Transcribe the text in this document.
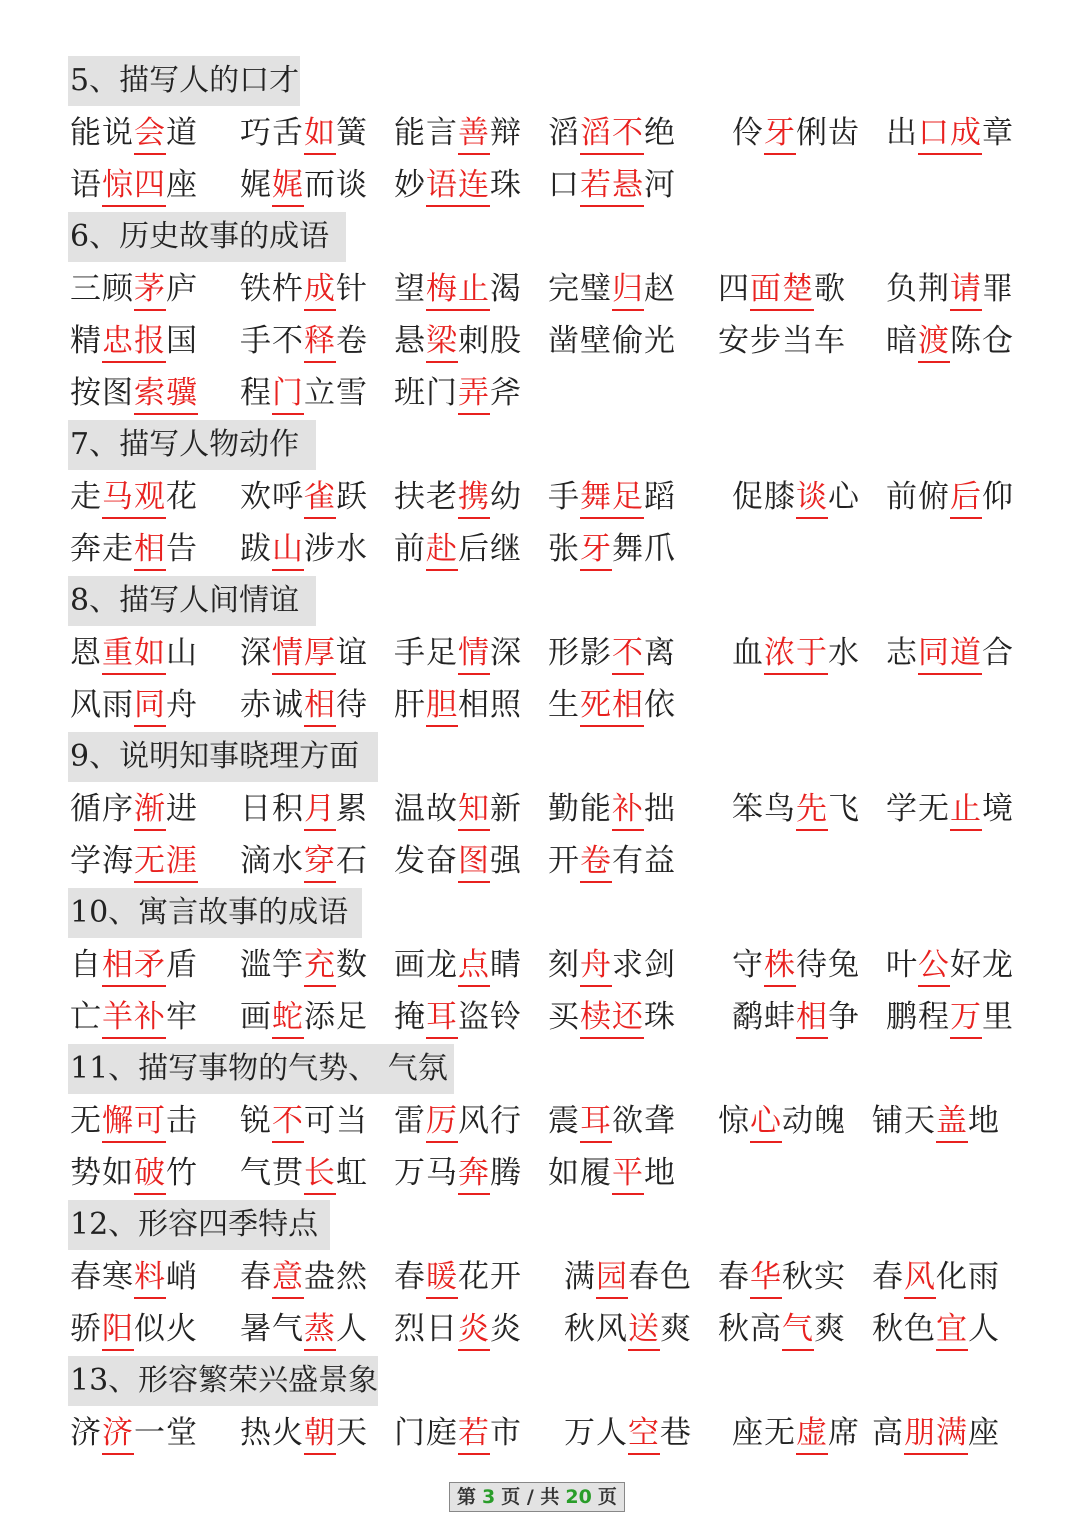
5、描写人的口才
能说会道 巧舌如簧 能言善辩 滔滔不绝 伶牙俐齿 出口成章
语惊四座 娓娓而谈 妙语连珠 口若悬河
6、历史故事的成语
三顾茅庐 铁杵成针 望梅止渴 完璧归赵 四面楚歌 负荆请罪
精忠报国 手不释卷 悬梁刺股 凿壁偷光 安步当车 暗渡陈仓
按图索骥 程门立雪 班门弄斧
7、描写人物动作
走马观花 欢呼雀跃 扶老携幼 手舞足蹈 促膝谈心 前俯后仰
奔走相告 跋山涉水 前赴后继 张牙舞爪
8、描写人间情谊
恩重如山 深情厚谊 手足情深 形影不离 血浓于水 志同道合
风雨同舟 赤诚相待 肝胆相照 生死相依
9、说明知事晓理方面
循序渐进 日积月累 温故知新 勤能补拙 笨鸟先飞 学无止境
学海无涯 滴水穿石 发奋图强 开卷有益
10、寓言故事的成语
自相矛盾 滥竽充数 画龙点睛 刻舟求剑 守株待兔 叶公好龙
亡羊补牢 画蛇添足 掩耳盗铃 买椟还珠 鹬蚌相争 鹏程万里
11、描写事物的气势、 气氛
无懈可击 锐不可当 雷厉风行 震耳欲聋 惊心动魄 铺天盖地
势如破竹 气贯长虹 万马奔腾 如履平地
12、形容四季特点
春寒料峭 春意盎然 春暖花开 满园春色 春华秋实 春风化雨
骄阳似火 暑气蒸人 烈日炎炎 秋风送爽 秋高气爽 秋色宜人
13、形容繁荣兴盛景象
济济一堂 热火朝天 门庭若市 万人空巷 座无虚席 高朋满座
第 3 页 / 共 20 页
